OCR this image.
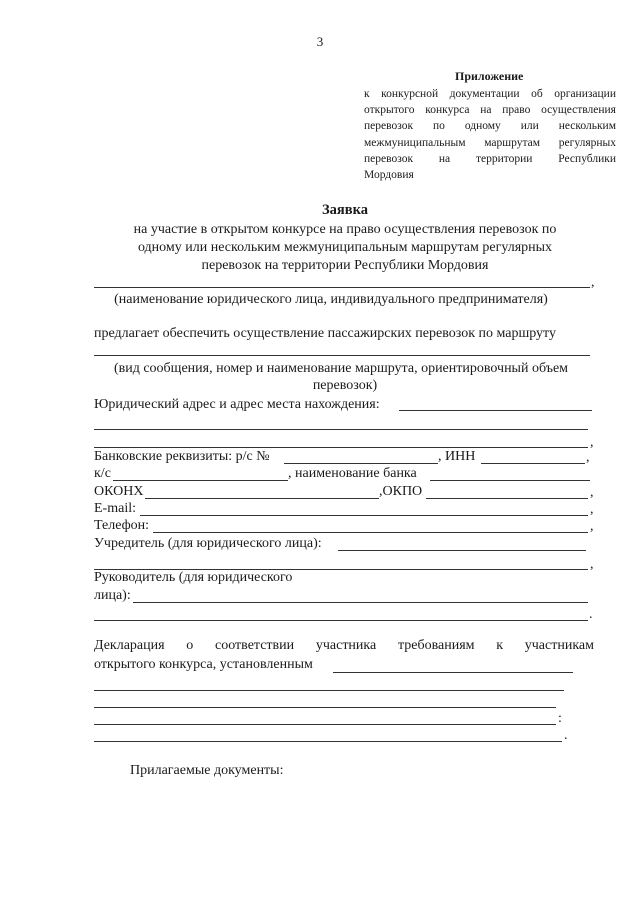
3
Приложение
к конкурсной документации об организации
открытого конкурса на право осуществления
перевозок по одному или нескольким
межмуниципальным маршрутам регулярных
перевозок на территории Республики
Мордовия
Заявка
на участие в открытом конкурсе на право осуществления перевозок по
одному или нескольким межмуниципальным маршрутам регулярных
перевозок на территории Республики Мордовия
,
(наименование юридического лица, индивидуального предпринимателя)
предлагает обеспечить осуществление пассажирских перевозок по маршруту
(вид сообщения, номер и наименование маршрута, ориентировочный объем
перевозок)
Юридический адрес и адрес места нахождения:
,
Банковские реквизиты: р/с №	, ИНН	,
к/с	, наименование банка
ОКОНХ	,ОКПО	,
E-mail:	,
Телефон:	,
Учредитель (для юридического лица):
,
Руководитель (для юридического
лица):
.
Декларация о соответствии участника требованиям к участникам
открытого конкурса, установленным
:
.
Прилагаемые документы:
